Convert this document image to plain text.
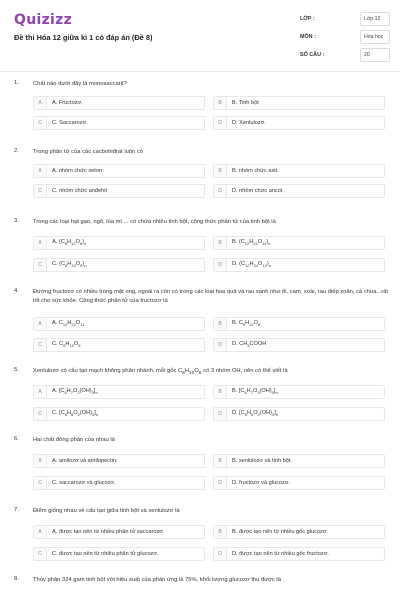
Quizizz
Đề thi Hóa 12 giữa kì 1 có đáp án (Đề 8)
LỚP :	Lớp 12
MÔN :	Hóa học
SỐ CÂU :	20
1. Chất nào dưới đây là monosaccarit?
A	A. Fructozơ.	B	B. Tinh bột
C	C. Saccarozơ.	D	D. Xenlulozơ.
2. Trong phân tử của các cacbohiđrat luôn có
A	A. nhóm chức xeton	B	B. nhóm chức axit.
C	C. nhóm chức anđehit	D	D. nhóm chức ancol.
3. Trong các loại hạt gạo, ngô, lúa mì ... có chứa nhiều tinh bột, công thức phân tử của tinh bột là
A	A. $(C_6H_{12}O_6)_n$	B	B. $(C_{12}H_{22}O_{11})_n$
C	C. $(C_6H_{10}O_5)_n$	D	D. $(C_{12}H_{24}O_{12})_n$
4. Đường fructozơ có nhiều trong mật ong, ngoài ra còn có trong các loại hoa quả và rau xanh như ổi, cam, xoài, rau diếp xoăn, cà chua...rất tốt cho sức khỏe. Công thức phân tử của fructozơ là
A	A. $C_{12}H_{22}O_{11}$	B	B. $C_6H_{12}O_6$
C	C. $C_6H_{10}O_5$	D	D. $CH_3COOH$
5. Xenlulozơ có cấu tạo mạch không phân nhánh, mỗi gốc $C_6H_{10}O_5$ có 3 nhóm OH, nên có thể viết là
A	A. $[C_6H_7O_2(OH)_3]_n$	B	B. $[C_6H_7O_3(OH)_3]_n$
C	C. $[C_6H_8O_2(OH)_3]_n$	D	D. $[C_6H_5O_2(OH)_3]_n$
6. Hai chất đồng phân của nhau là
A	A. amilozơ và amilopectin.	B	B. xenlulozơ và tinh bột.
C	C. saccarozơ và glucozơ.	D	D. fructozơ và glucozơ.
7. Điểm giống nhau về cấu tạo giữa tinh bột và xenlulozơ là
A	A. được tạo nên từ nhiều phân tử saccarozơ.	B	B. được tạo nên từ nhiều gốc glucozơ.
C	C. được tạo nên từ nhiều phân tử glucozơ.	D	D. được tạo nên từ nhiều gốc fructozơ.
8. Thủy phân 324 gam tinh bột với hiệu suất của phản ứng là 75%, khối lượng glucozơ thu được là
